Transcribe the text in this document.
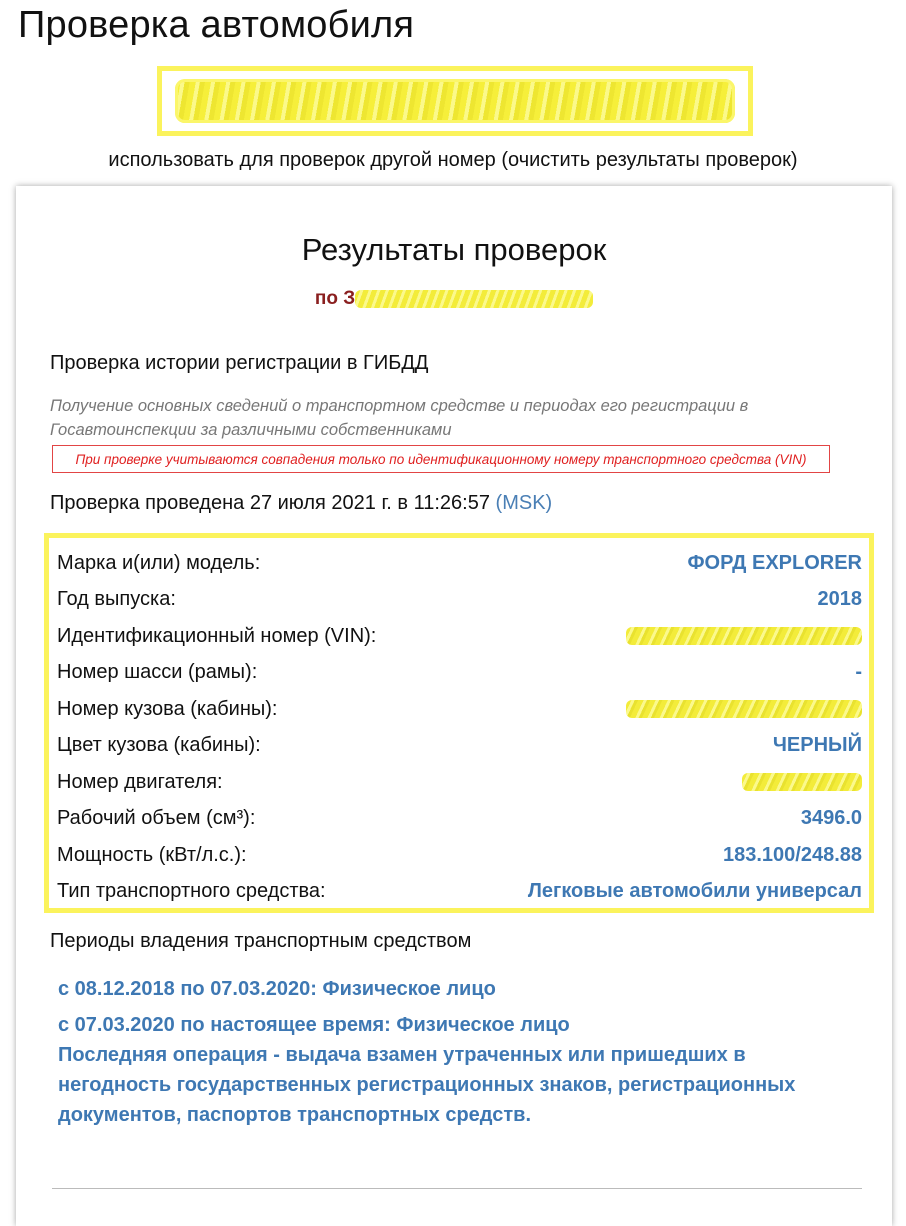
Проверка автомобиля
использовать для проверок другой номер (очистить результаты проверок)
Результаты проверок
по З
Проверка истории регистрации в ГИБДД
Получение основных сведений о транспортном средстве и периодах его регистрации в Госавтоинспекции за различными собственниками
При проверке учитываются совпадения только по идентификационному номеру транспортного средства (VIN)
Проверка проведена 27 июля 2021 г. в 11:26:57 (MSK)
Марка и(или) модель:	ФОРД EXPLORER
Год выпуска:	2018
Идентификационный номер (VIN):
Номер шасси (рамы):	-
Номер кузова (кабины):
Цвет кузова (кабины):	ЧЕРНЫЙ
Номер двигателя:
Рабочий объем (см³):	3496.0
Мощность (кВт/л.с.):	183.100/248.88
Тип транспортного средства:	Легковые автомобили универсал
Периоды владения транспортным средством
с 08.12.2018 по 07.03.2020: Физическое лицо
с 07.03.2020 по настоящее время: Физическое лицо
Последняя операция - выдача взамен утраченных или пришедших в негодность государственных регистрационных знаков, регистрационных документов, паспортов транспортных средств.
